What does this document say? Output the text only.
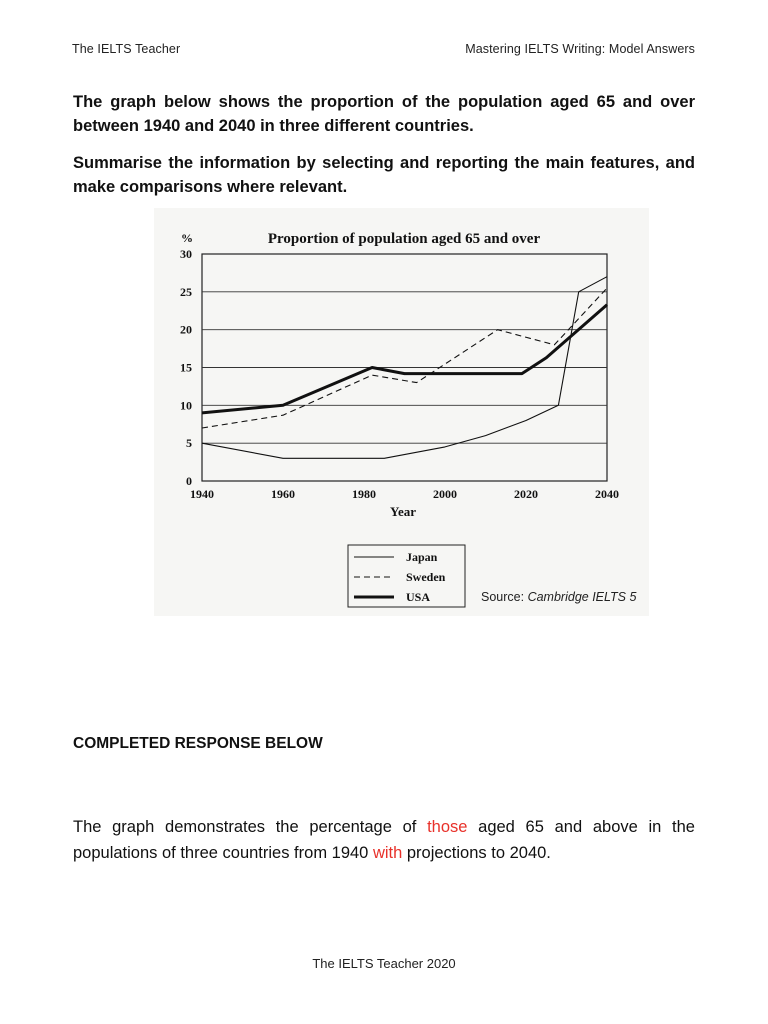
The IELTS Teacher	Mastering IELTS Writing: Model Answers

The graph below shows the proportion of the population aged 65 and over between 1940 and 2040 in three different countries.

Summarise the information by selecting and reporting the main features, and make comparisons where relevant.

Proportion of population aged 65 and over
%
0
5
10
15
20
25
30
1940	1960	1980	2000	2020	2040
Year
Japan
Sweden
USA	Source: Cambridge IELTS 5
COMPLETED RESPONSE BELOW

The graph demonstrates the percentage of those aged 65 and above in the populations of three countries from 1940 with projections to 2040.

The IELTS Teacher 2020
